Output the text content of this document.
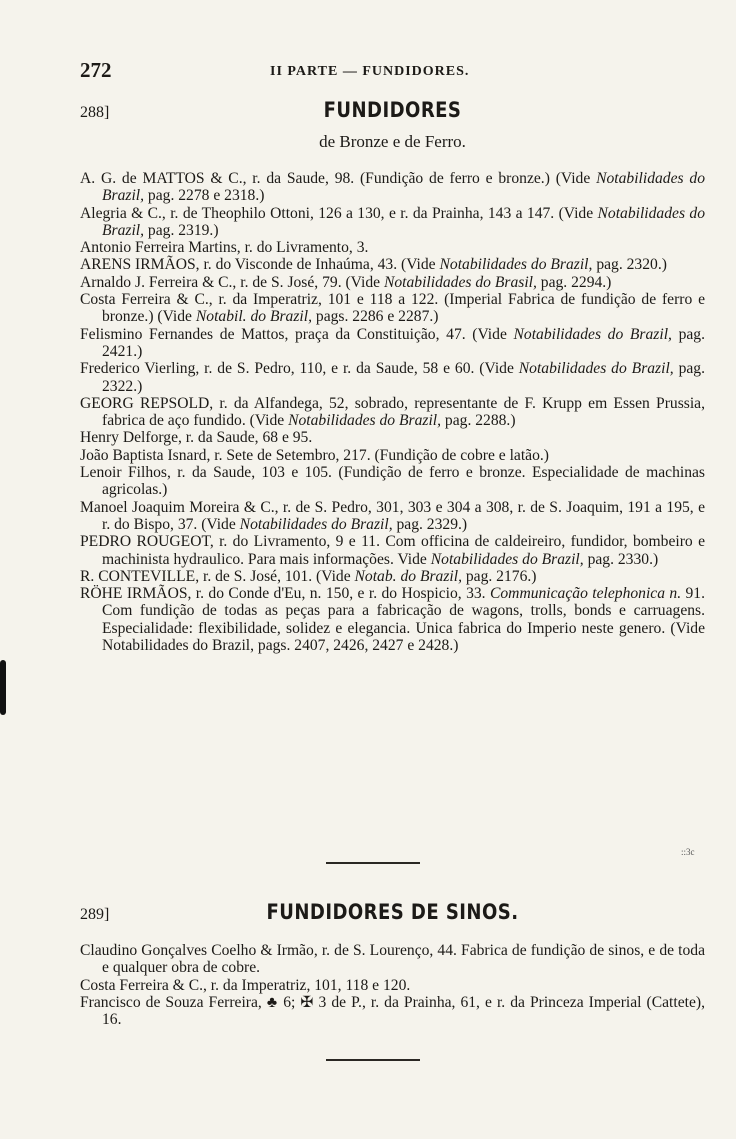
272	II PARTE — FUNDIDORES.
288]	FUNDIDORES
de Bronze e de Ferro.

A. G. de MATTOS & C., r. da Saude, 98. (Fundição de ferro e bronze.) (Vide Notabilidades do Brazil, pag. 2278 e 2318.)

Alegria & C., r. de Theophilo Ottoni, 126 a 130, e r. da Prainha, 143 a 147. (Vide Notabilidades do Brazil, pag. 2319.)

Antonio Ferreira Martins, r. do Livramento, 3.

ARENS IRMÃOS, r. do Visconde de Inhaúma, 43. (Vide Notabilidades do Brazil, pag. 2320.)

Arnaldo J. Ferreira & C., r. de S. José, 79. (Vide Notabilidades do Brasil, pag. 2294.)

Costa Ferreira & C., r. da Imperatriz, 101 e 118 a 122. (Imperial Fabrica de fundição de ferro e bronze.) (Vide Notabil. do Brazil, pags. 2286 e 2287.)

Felismino Fernandes de Mattos, praça da Constituição, 47. (Vide Notabilidades do Brazil, pag. 2421.)

Frederico Vierling, r. de S. Pedro, 110, e r. da Saude, 58 e 60. (Vide Notabilidades do Brazil, pag. 2322.)

GEORG REPSOLD, r. da Alfandega, 52, sobrado, representante de F. Krupp em Essen Prussia, fabrica de aço fundido. (Vide Notabilidades do Brazil, pag. 2288.)

Henry Delforge, r. da Saude, 68 e 95.

João Baptista Isnard, r. Sete de Setembro, 217. (Fundição de cobre e latão.)

Lenoir Filhos, r. da Saude, 103 e 105. (Fundição de ferro e bronze. Especialidade de machinas agricolas.)

Manoel Joaquim Moreira & C., r. de S. Pedro, 301, 303 e 304 a 308, r. de S. Joaquim, 191 a 195, e r. do Bispo, 37. (Vide Notabilidades do Brazil, pag. 2329.)

PEDRO ROUGEOT, r. do Livramento, 9 e 11. Com officina de caldeireiro, fundidor, bombeiro e machinista hydraulico. Para mais informações. Vide Notabilidades do Brazil, pag. 2330.)

R. CONTEVILLE, r. de S. José, 101. (Vide Notab. do Brazil, pag. 2176.)

RÖHE IRMÃOS, r. do Conde d'Eu, n. 150, e r. do Hospicio, 33. Communicação telephonica n. 91. Com fundição de todas as peças para a fabricação de wagons, trolls, bonds e carruagens. Especialidade: flexibilidade, solidez e elegancia. Unica fabrica do Imperio neste genero. (Vide Notabilidades do Brazil, pags. 2407, 2426, 2427 e 2428.)

::3c
289]	FUNDIDORES DE SINOS.

Claudino Gonçalves Coelho & Irmão, r. de S. Lourenço, 44. Fabrica de fundição de sinos, e de toda e qualquer obra de cobre.

Costa Ferreira & C., r. da Imperatriz, 101, 118 e 120.

Francisco de Souza Ferreira, ♣ 6; ✠ 3 de P., r. da Prainha, 61, e r. da Princeza Imperial (Cattete), 16.
